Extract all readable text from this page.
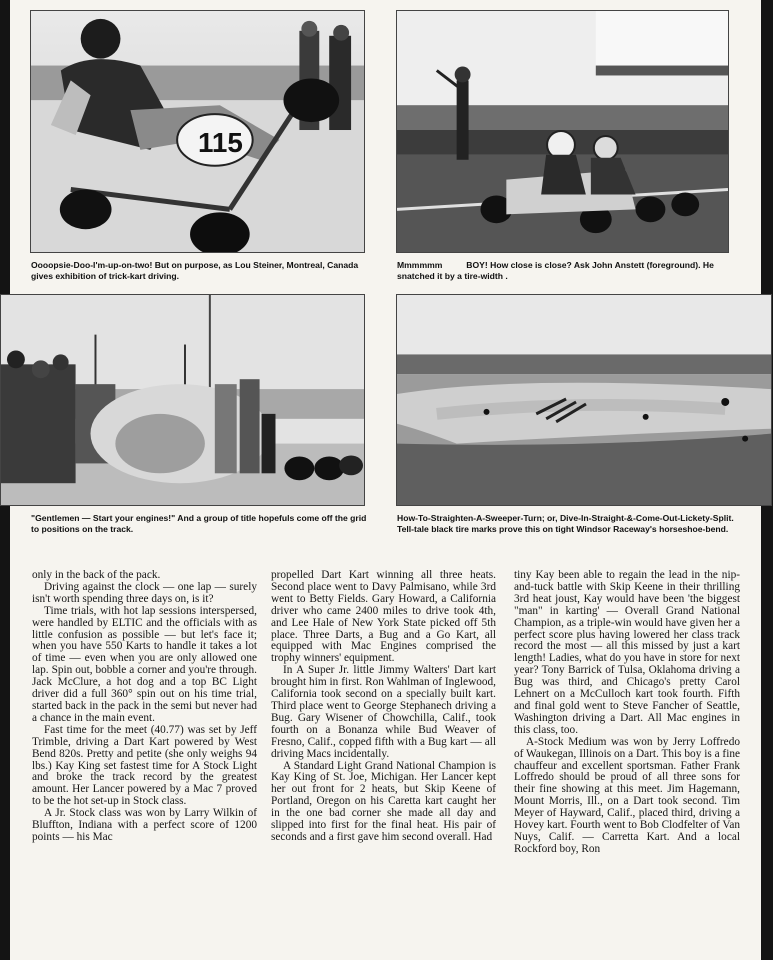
115
Oooopsie-Doo-I'm-up-on-two! But on purpose, as Lou Steiner, Montreal, Canada gives exhibition of trick-kart driving.
Mmmmmm          BOY! How close is close? Ask John Anstett (foreground). He snatched it by a tire-width .
"Gentlemen — Start your engines!" And a group of title hopefuls come off the grid to positions on the track.
How-To-Straighten-A-Sweeper-Turn; or, Dive-In-Straight-&-Come-Out-Lickety-Split. Tell-tale black tire marks prove this on tight Windsor Raceway's horseshoe-bend.

only in the back of the pack.

Driving against the clock — one lap — surely isn't worth spending three days on, is it?

Time trials, with hot lap sessions interspersed, were handled by ELTIC and the officials with as little confusion as possible — but let's face it; when you have 550 Karts to handle it takes a lot of time — even when you are only allowed one lap. Spin out, bobble a corner and you're through. Jack McClure, a hot dog and a top BC Light driver did a full 360° spin out on his time trial, started back in the pack in the semi but never had a chance in the main event.

Fast time for the meet (40.77) was set by Jeff Trimble, driving a Dart Kart powered by West Bend 820s. Pretty and petite (she only weighs 94 lbs.) Kay King set fastest time for A Stock Light and broke the track record by the greatest amount. Her Lancer powered by a Mac 7 proved to be the hot set-up in Stock class.

A Jr. Stock class was won by Larry Wilkin of Bluffton, Indiana with a perfect score of 1200 points — his Mac

propelled Dart Kart winning all three heats. Second place went to Davy Palmisano, while 3rd went to Betty Fields. Gary Howard, a California driver who came 2400 miles to drive took 4th, and Lee Hale of New York State picked off 5th place. Three Darts, a Bug and a Go Kart, all equipped with Mac Engines comprised the trophy winners' equipment.

In A Super Jr. little Jimmy Walters' Dart kart brought him in first. Ron Wahlman of Inglewood, California took second on a specially built kart. Third place went to George Stephanech driving a Bug. Gary Wisener of Chowchilla, Calif., took fourth on a Bonanza while Bud Weaver of Fresno, Calif., copped fifth with a Bug kart — all driving Macs incidentally.

A Standard Light Grand National Champion is Kay King of St. Joe, Michigan. Her Lancer kept her out front for 2 heats, but Skip Keene of Portland, Oregon on his Caretta kart caught her in the one bad corner she made all day and slipped into first for the final heat. His pair of seconds and a first gave him second overall. Had

tiny Kay been able to regain the lead in the nip-and-tuck battle with Skip Keene in their thrilling 3rd heat joust, Kay would have been 'the biggest "man" in karting' — Overall Grand National Champion, as a triple-win would have given her a perfect score plus having lowered her class track record the most — all this missed by just a kart length! Ladies, what do you have in store for next year? Tony Barrick of Tulsa, Oklahoma driving a Bug was third, and Chicago's pretty Carol Lehnert on a McCulloch kart took fourth. Fifth and final gold went to Steve Fancher of Seattle, Washington driving a Dart. All Mac engines in this class, too.

A-Stock Medium was won by Jerry Loffredo of Waukegan, Illinois on a Dart. This boy is a fine chauffeur and excellent sportsman. Father Frank Loffredo should be proud of all three sons for their fine showing at this meet. Jim Hagemann, Mount Morris, Ill., on a Dart took second. Tim Meyer of Hayward, Calif., placed third, driving a Hovey kart. Fourth went to Bob Clodfelter of Van Nuys, Calif. — Carretta Kart. And a local Rockford boy, Ron
